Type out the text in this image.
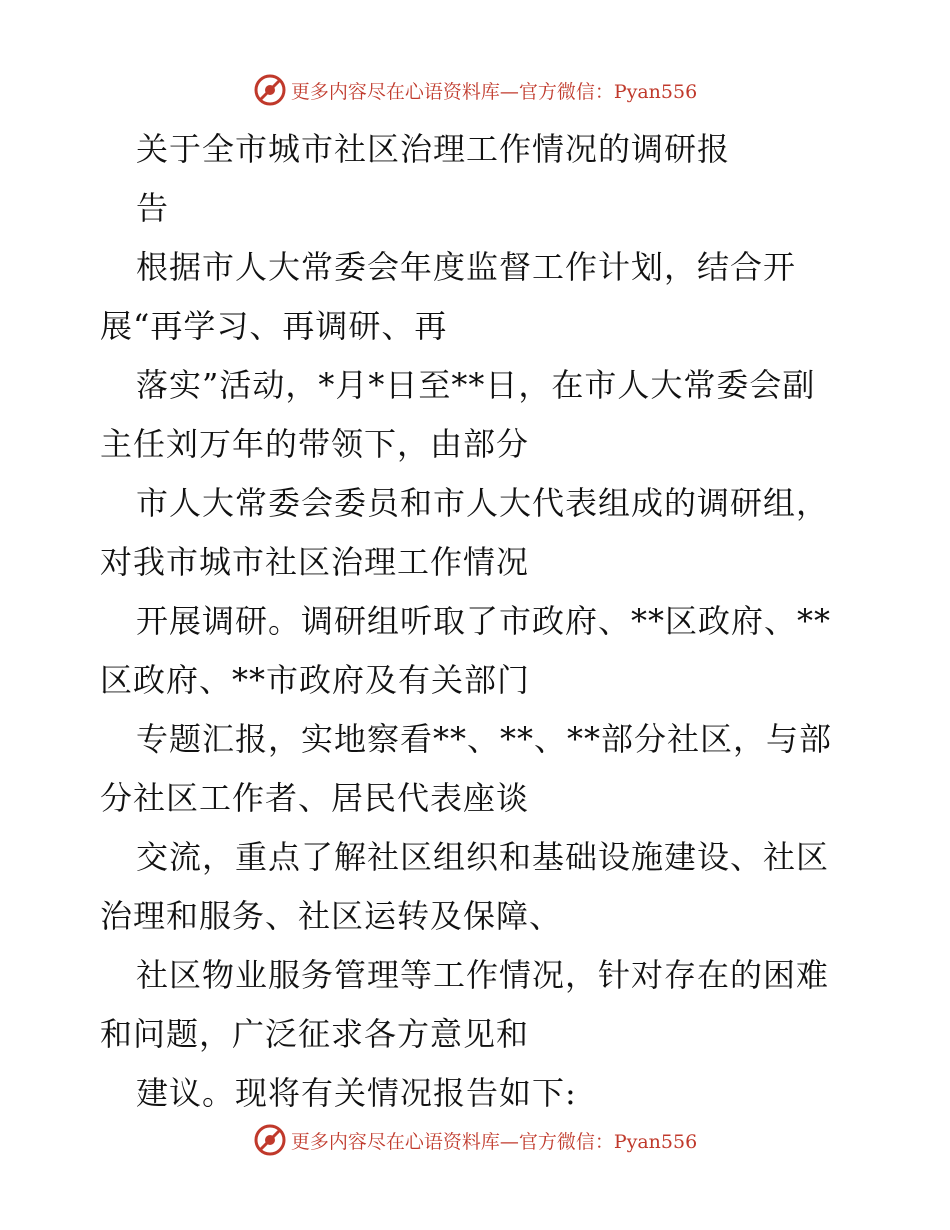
更多内容尽在心语资料库—官方微信：Pyan556
关于全市城市社区治理工作情况的调研报
告
根据市人大常委会年度监督工作计划，结合开
展“再学习、再调研、再
落实”活动，*月*日至**日，在市人大常委会副
主任刘万年的带领下，由部分
市人大常委会委员和市人大代表组成的调研组，
对我市城市社区治理工作情况
开展调研。调研组听取了市政府、**区政府、**
区政府、**市政府及有关部门
专题汇报，实地察看**、**、**部分社区，与部
分社区工作者、居民代表座谈
交流，重点了解社区组织和基础设施建设、社区
治理和服务、社区运转及保障、
社区物业服务管理等工作情况，针对存在的困难
和问题，广泛征求各方意见和
建议。现将有关情况报告如下:
更多内容尽在心语资料库—官方微信：Pyan556
